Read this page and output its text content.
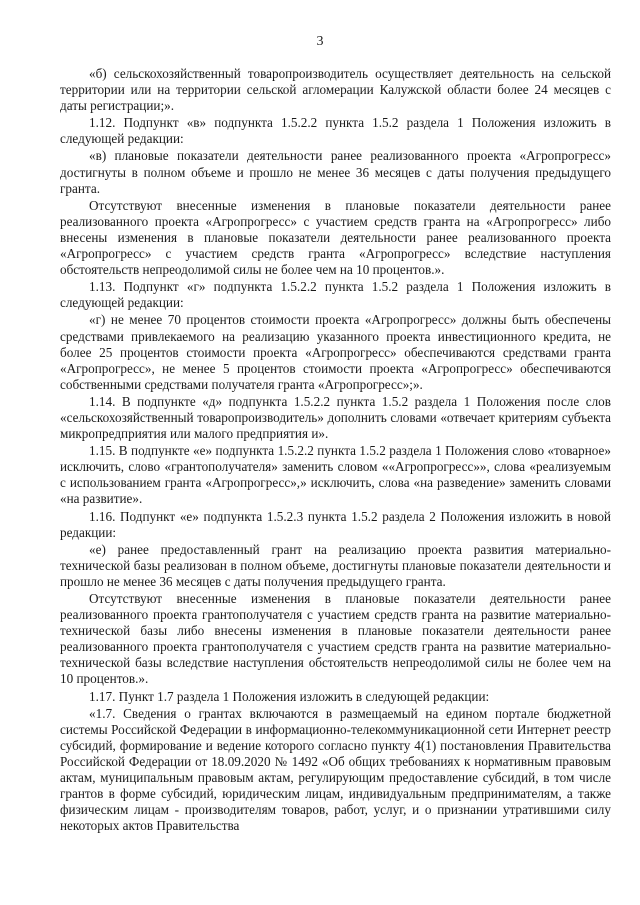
3

«б) сельскохозяйственный товаропроизводитель осуществляет деятельность на сельской территории или на территории сельской агломерации Калужской области более 24 месяцев с даты регистрации;».

1.12. Подпункт «в» подпункта 1.5.2.2 пункта 1.5.2 раздела 1 Положения изложить в следующей редакции:

«в) плановые показатели деятельности ранее реализованного проекта «Агропрогресс» достигнуты в полном объеме и прошло не менее 36 месяцев с даты получения предыдущего гранта.

Отсутствуют внесенные изменения в плановые показатели деятельности ранее реализованного проекта «Агропрогресс» с участием средств гранта на «Агропрогресс» либо внесены изменения в плановые показатели деятельности ранее реализованного проекта «Агропрогресс» с участием средств гранта «Агропрогресс» вследствие наступления обстоятельств непреодолимой силы не более чем на 10 процентов.».

1.13. Подпункт «г» подпункта 1.5.2.2 пункта 1.5.2 раздела 1 Положения изложить в следующей редакции:

«г) не менее 70 процентов стоимости проекта «Агропрогресс» должны быть обеспечены средствами привлекаемого на реализацию указанного проекта инвестиционного кредита, не более 25 процентов стоимости проекта «Агропрогресс» обеспечиваются средствами гранта «Агропрогресс», не менее 5 процентов стоимости проекта «Агропрогресс» обеспечиваются собственными средствами получателя гранта «Агропрогресс»;».

1.14. В подпункте «д» подпункта 1.5.2.2 пункта 1.5.2 раздела 1 Положения после слов «сельскохозяйственный товаропроизводитель» дополнить словами «отвечает критериям субъекта микропредприятия или малого предприятия и».

1.15. В подпункте «е» подпункта 1.5.2.2 пункта 1.5.2 раздела 1 Положения слово «товарное» исключить, слово «грантополучателя» заменить словом ««Агропрогресс»», слова «реализуемым с использованием гранта «Агропрогресс»,» исключить, слова «на разведение» заменить словами «на развитие».

1.16. Подпункт «е» подпункта 1.5.2.3 пункта 1.5.2 раздела 2 Положения изложить в новой редакции:

«е) ранее предоставленный грант на реализацию проекта развития материально-технической базы реализован в полном объеме, достигнуты плановые показатели деятельности и прошло не менее 36 месяцев с даты получения предыдущего гранта.

Отсутствуют внесенные изменения в плановые показатели деятельности ранее реализованного проекта грантополучателя с участием средств гранта на развитие материально-технической базы либо внесены изменения в плановые показатели деятельности ранее реализованного проекта грантополучателя с участием средств гранта на развитие материально-технической базы вследствие наступления обстоятельств непреодолимой силы не более чем на 10 процентов.».

1.17. Пункт 1.7 раздела 1 Положения изложить в следующей редакции:

«1.7. Сведения о грантах включаются в размещаемый на едином портале бюджетной системы Российской Федерации в информационно-телекоммуникационной сети Интернет реестр субсидий, формирование и ведение которого согласно пункту 4(1) постановления Правительства Российской Федерации от 18.09.2020 № 1492 «Об общих требованиях к нормативным правовым актам, муниципальным правовым актам, регулирующим предоставление субсидий, в том числе грантов в форме субсидий, юридическим лицам, индивидуальным предпринимателям, а также физическим лицам - производителям товаров, работ, услуг, и о признании утратившими силу некоторых актов Правительства
